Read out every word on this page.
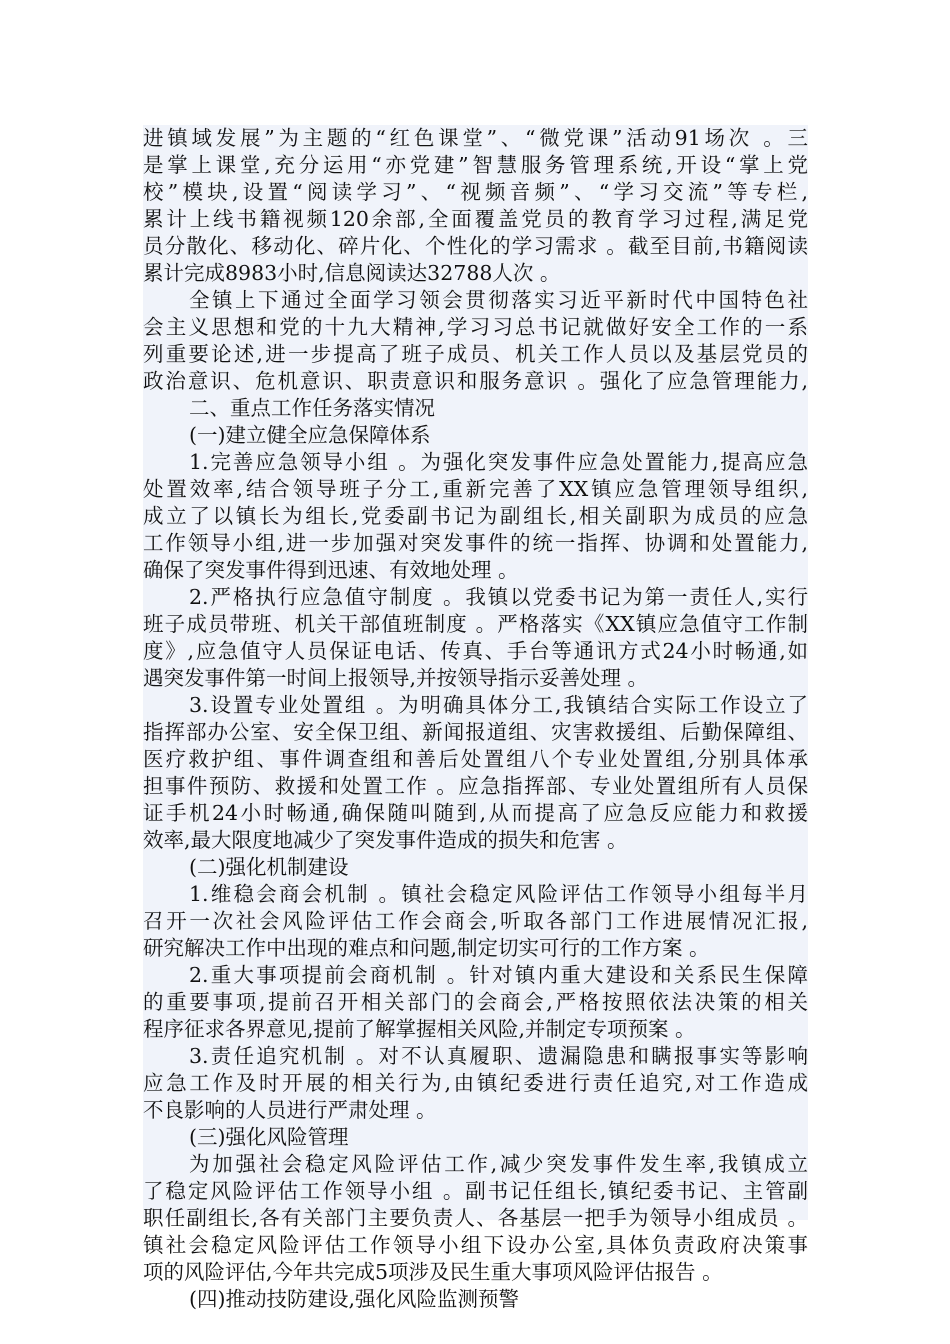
进镇域发展”为主题的“红色课堂”、“微党课”活动91场次 。三
是掌上课堂,充分运用“亦党建”智慧服务管理系统,开设“掌上党
校”模块,设置“阅读学习”、“视频音频”、“学习交流”等专栏,
累计上线书籍视频120余部,全面覆盖党员的教育学习过程,满足党
员分散化、移动化、碎片化、个性化的学习需求 。截至目前,书籍阅读
累计完成8983小时,信息阅读达32788人次 。
全镇上下通过全面学习领会贯彻落实习近平新时代中国特色社
会主义思想和党的十九大精神,学习习总书记就做好安全工作的一系
列重要论述,进一步提高了班子成员、机关工作人员以及基层党员的
政治意识、危机意识、职责意识和服务意识 。强化了应急管理能力,
二、重点工作任务落实情况
(一)建立健全应急保障体系
1.完善应急领导小组 。为强化突发事件应急处置能力,提高应急
处置效率,结合领导班子分工,重新完善了XX镇应急管理领导组织,
成立了以镇长为组长,党委副书记为副组长,相关副职为成员的应急
工作领导小组,进一步加强对突发事件的统一指挥、协调和处置能力,
确保了突发事件得到迅速、有效地处理 。
2.严格执行应急值守制度 。我镇以党委书记为第一责任人,实行
班子成员带班、机关干部值班制度 。严格落实《XX镇应急值守工作制
度》,应急值守人员保证电话、传真、手台等通讯方式24小时畅通,如
遇突发事件第一时间上报领导,并按领导指示妥善处理 。
3.设置专业处置组 。为明确具体分工,我镇结合实际工作设立了
指挥部办公室、安全保卫组、新闻报道组、灾害救援组、后勤保障组、
医疗救护组、事件调查组和善后处置组八个专业处置组,分别具体承
担事件预防、救援和处置工作 。应急指挥部、专业处置组所有人员保
证手机24小时畅通,确保随叫随到,从而提高了应急反应能力和救援
效率,最大限度地减少了突发事件造成的损失和危害 。
(二)强化机制建设
1.维稳会商会机制 。镇社会稳定风险评估工作领导小组每半月
召开一次社会风险评估工作会商会,听取各部门工作进展情况汇报,
研究解决工作中出现的难点和问题,制定切实可行的工作方案 。
2.重大事项提前会商机制 。针对镇内重大建设和关系民生保障
的重要事项,提前召开相关部门的会商会,严格按照依法决策的相关
程序征求各界意见,提前了解掌握相关风险,并制定专项预案 。
3.责任追究机制 。对不认真履职、遗漏隐患和瞒报事实等影响
应急工作及时开展的相关行为,由镇纪委进行责任追究,对工作造成
不良影响的人员进行严肃处理 。
(三)强化风险管理
为加强社会稳定风险评估工作,减少突发事件发生率,我镇成立
了稳定风险评估工作领导小组 。副书记任组长,镇纪委书记、主管副
职任副组长,各有关部门主要负责人、各基层一把手为领导小组成员 。
镇社会稳定风险评估工作领导小组下设办公室,具体负责政府决策事
项的风险评估,今年共完成5项涉及民生重大事项风险评估报告 。
(四)推动技防建设,强化风险监测预警
